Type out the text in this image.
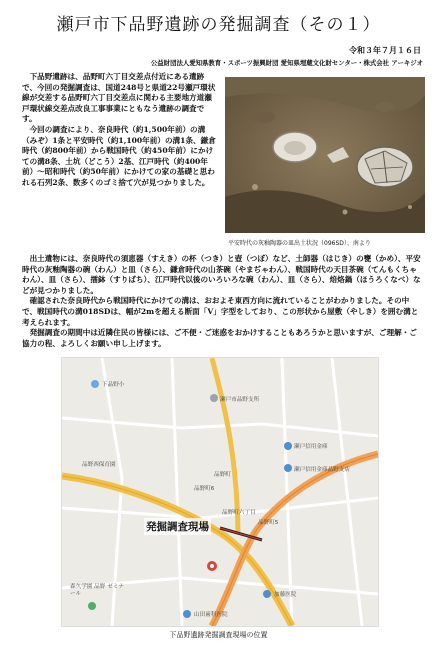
瀬戸市下品野遺跡の発掘調査（その１）
令和３年７月１６日
公益財団法人愛知県教育・スポーツ振興財団 愛知県埋蔵文化財センター・株式会社 アーキジオ

下品野遺跡は、品野町六丁目交差点付近にある遺跡で、今回の発掘調査は、国道248号と県道22号瀬戸環状線が交差する品野町六丁目交差点に関わる主要地方道瀬戸環状線交差点改良工事事業にともなう遺跡の調査です。

今回の調査により、奈良時代（約1,500年前）の溝（みぞ）1条と平安時代（約1,100年前）の溝1条、鎌倉時代（約800年前）から戦国時代（約450年前）にかけての溝8条、土坑（どこう）2基、江戸時代（約400年前）～昭和時代（約50年前）にかけての家の基礎と思われる石列2条、数多くのゴミ捨て穴が見つかりました。

平安時代の灰釉陶器の皿出土状況（096SD）、南より

出土遺物には、奈良時代の須恵器（すえき）の杯（つき）と壺（つぼ）など、土師器（はじき）の甕（かめ）、平安時代の灰釉陶器の碗（わん）と皿（さら）、鎌倉時代の山茶碗（やまぢゃわん）、戦国時代の天目茶碗（てんもくちゃわん）、皿（さら）、擂鉢（すりばち）、江戸時代以後のいろいろな碗（わん）、皿（さら）、焙烙鍋（ほうろくなべ）などが見つかりました。

確認された奈良時代から戦国時代にかけての溝は、おおよそ東西方向に流れていることがわかりました。その中で、戦国時代の溝018SDは、幅が2mを超える断面「V」字型をしており、この形状から屋敷（やしき）を囲む溝と考えられます。

発掘調査の期間中は近隣住民の皆様には、ご不便・ご迷惑をおかけすることもあろうかと思いますが、ご理解・ご協力の程、よろしくお願い申し上げます。

下品野小
瀬戸市品野支所
品野西保育園
品野町
瀬戸信用金庫
瀬戸信用金庫品野支店
品野町6
品野町5
品野町六丁目
加藤医院
山田歯科医院
森久学園 品野 ゼミナール
発掘調査現場
下品野遺跡発掘調査現場の位置
